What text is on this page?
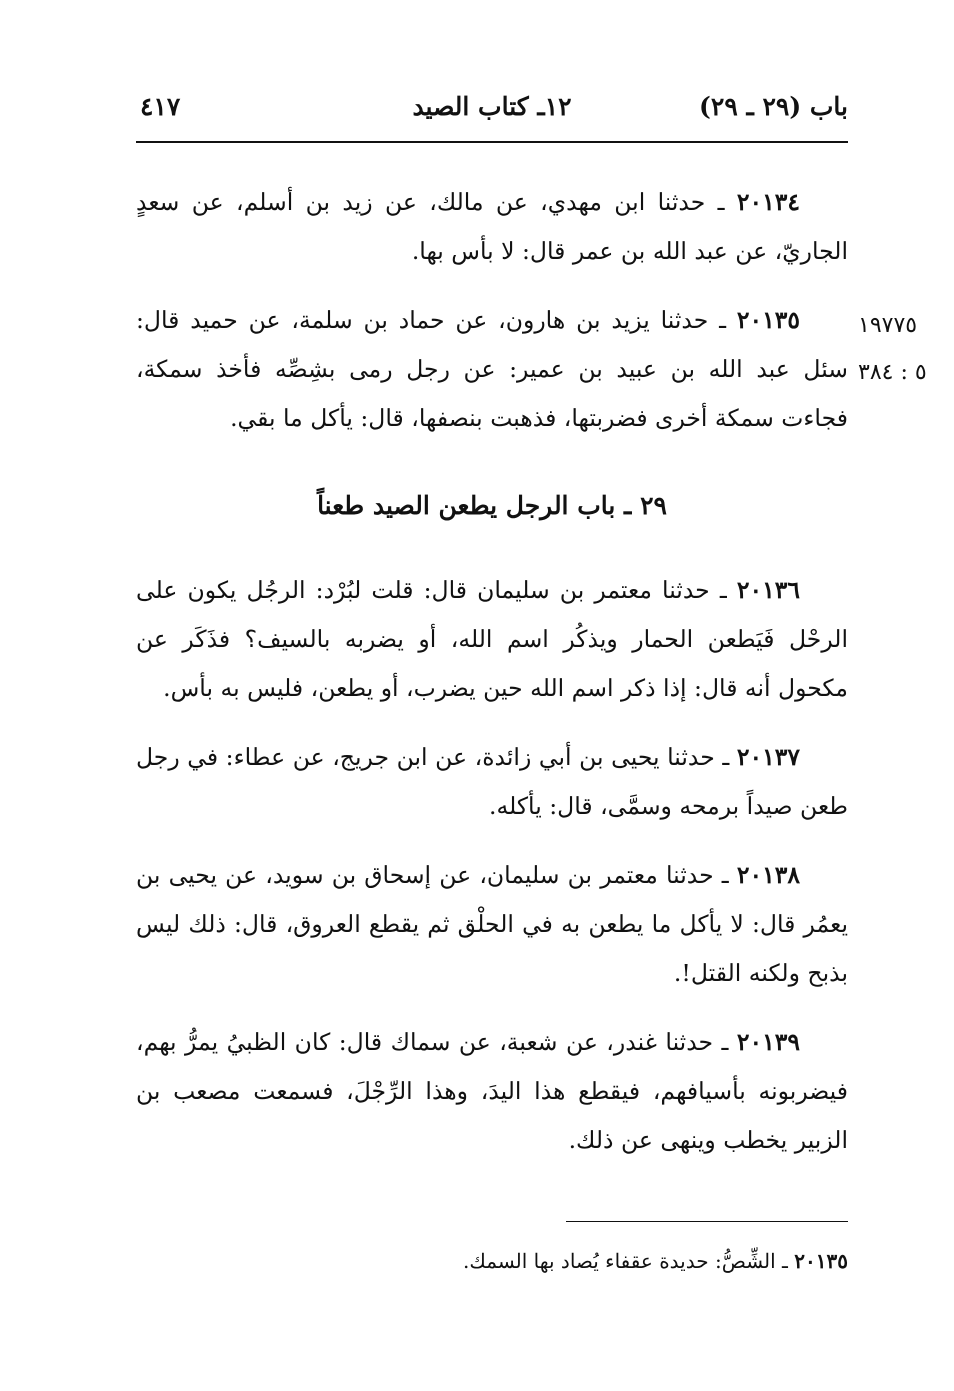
باب (٢٩ ـ ٢٩)
١٢ـ كتاب الصيد
٤١٧
١٩٧٧٥
٥ : ٣٨٤

٢٠١٣٤ ـ حدثنا ابن مهدي، عن مالك، عن زيد بن أسلم، عن سعدٍ الجاريّ، عن عبد الله بن عمر قال: لا بأس بها.

٢٠١٣٥ ـ حدثنا يزيد بن هارون، عن حماد بن سلمة، عن حميد قال: سئل عبد الله بن عبيد بن عمير: عن رجل رمى بشِصِّه فأخذ سمكة، فجاءت سمكة أخرى فضربتها، فذهبت بنصفها، قال: يأكل ما بقي.

٢٩ ـ باب الرجل يطعن الصيد طعناً

٢٠١٣٦ ـ حدثنا معتمر بن سليمان قال: قلت لبُرْد: الرجُل يكون على الرحْل فَيَطعن الحمار ويذكُر اسم الله، أو يضربه بالسيف؟ فذَكَر عن مكحول أنه قال: إذا ذكر اسم الله حين يضرب، أو يطعن، فليس به بأس.

٢٠١٣٧ ـ حدثنا يحيى بن أبي زائدة، عن ابن جريج، عن عطاء: في رجل طعن صيداً برمحه وسمَّى، قال: يأكله.

٢٠١٣٨ ـ حدثنا معتمر بن سليمان، عن إسحاق بن سويد، عن يحيى بن يعمُر قال: لا يأكل ما يطعن به في الحلْق ثم يقطع العروق، قال: ذلك ليس بذبح ولكنه القتل!.

٢٠١٣٩ ـ حدثنا غندر، عن شعبة، عن سماك قال: كان الظبيُ يمرُّ بهم، فيضربونه بأسيافهم، فيقطع هذا اليدَ، وهذا الرِّجْلَ، فسمعت مصعب بن الزبير يخطب وينهى عن ذلك.

٢٠١٣٥ ـ الشِّصُّ: حديدة عقفاء يُصاد بها السمك.
